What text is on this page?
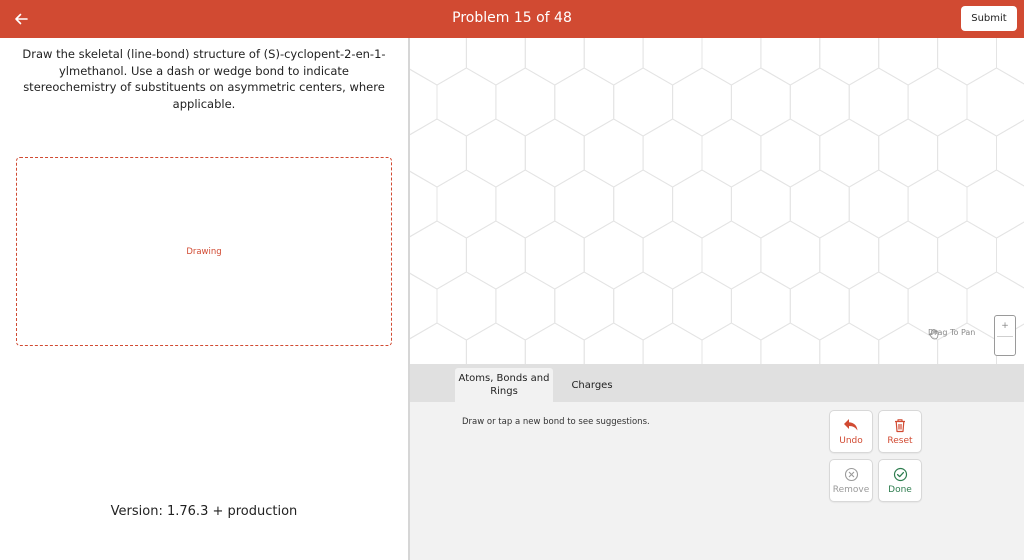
Problem 15 of 48	Submit
Draw the skeletal (line-bond) structure of (S)-cyclopent-2-en-1-ylmethanol. Use a dash or wedge bond to indicate stereochemistry of substituents on asymmetric centers, where applicable.
Drawing
Version: 1.76.3 + production
Drag To Pan
+
Atoms, Bonds and Rings
Charges
Draw or tap a new bond to see suggestions.
Undo	Reset
Remove Done
